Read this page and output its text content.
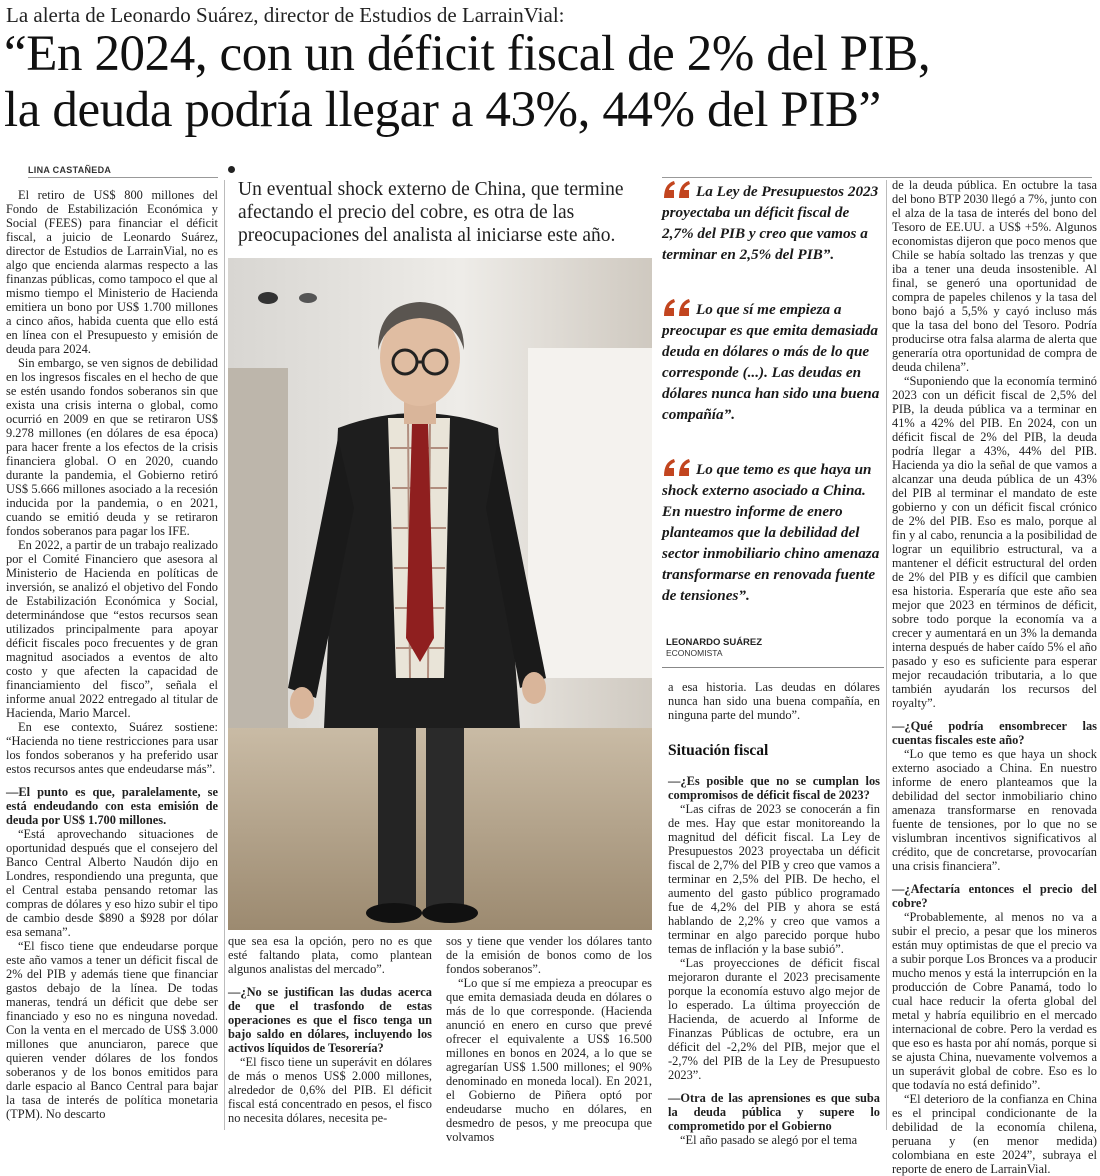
La alerta de Leonardo Suárez, director de Estudios de LarrainVial:
“En 2024, con un déficit fiscal de 2% del PIB,
la deuda podría llegar a 43%, 44% del PIB”
LINA CASTAÑEDA

El retiro de US$ 800 millones del Fondo de Estabilización Económica y Social (FEES) para financiar el déficit fiscal, a juicio de Leonardo Suárez, director de Estudios de LarrainVial, no es algo que encienda alarmas respecto a las finanzas públicas, como tampoco el que al mismo tiempo el Ministerio de Hacienda emitiera un bono por US$ 1.700 millones a cinco años, habida cuenta que ello está en línea con el Presupuesto y emisión de deuda para 2024.

Sin embargo, se ven signos de debilidad en los ingresos fiscales en el hecho de que se estén usando fondos soberanos sin que exista una crisis interna o global, como ocurrió en 2009 en que se retiraron US$ 9.278 millones (en dólares de esa época) para hacer frente a los efectos de la crisis financiera global. O en 2020, cuando durante la pandemia, el Gobierno retiró US$ 5.666 millones asociado a la recesión inducida por la pandemia, o en 2021, cuando se emitió deuda y se retiraron fondos soberanos para pagar los IFE.

En 2022, a partir de un trabajo realizado por el Comité Financiero que asesora al Ministerio de Hacienda en políticas de inversión, se analizó el objetivo del Fondo de Estabilización Económica y Social, determinándose que “estos recursos sean utilizados principalmente para apoyar déficit fiscales poco frecuentes y de gran magnitud asociados a eventos de alto costo y que afecten la capacidad de financiamiento del fisco”, señala el informe anual 2022 entregado al titular de Hacienda, Mario Marcel.

En ese contexto, Suárez sostiene: “Hacienda no tiene restricciones para usar los fondos soberanos y ha preferido usar estos recursos antes que endeudarse más”.

—El punto es que, paralelamente, se está endeudando con esta emisión de deuda por US$ 1.700 millones.

“Está aprovechando situaciones de oportunidad después que el consejero del Banco Central Alberto Naudón dijo en Londres, respondiendo una pregunta, que el Central estaba pensando retomar las compras de dólares y eso hizo subir el tipo de cambio desde $890 a $928 por dólar esa semana”.

“El fisco tiene que endeudarse porque este año vamos a tener un déficit fiscal de 2% del PIB y además tiene que financiar gastos debajo de la línea. De todas maneras, tendrá un déficit que debe ser financiado y eso no es ninguna novedad. Con la venta en el mercado de US$ 3.000 millones que anunciaron, parece que quieren vender dólares de los fondos soberanos y de los bonos emitidos para darle espacio al Banco Central para bajar la tasa de interés de política monetaria (TPM). No descarto

Un eventual shock externo de China, que termine afectando el precio del cobre, es otra de las preocupaciones del analista al iniciarse este año.
La Ley de Presupuestos 2023 proyectaba un déficit fiscal de 2,7% del PIB y creo que vamos a terminar en 2,5% del PIB”.
Lo que sí me empieza a preocupar es que emita demasiada deuda en dólares o más de lo que corresponde (...). Las deudas en dólares nunca han sido una buena compañía”.
Lo que temo es que haya un shock externo asociado a China. En nuestro informe de enero planteamos que la debilidad del sector inmobiliario chino amenaza transformarse en renovada fuente de tensiones”.
LEONARDO SUÁREZ
ECONOMISTA

que sea esa la opción, pero no es que esté faltando plata, como plantean algunos analistas del mercado”.

—¿No se justifican las dudas acerca de que el trasfondo de estas operaciones es que el fisco tenga un bajo saldo en dólares, incluyendo los activos líquidos de Tesorería?

“El fisco tiene un superávit en dólares de más o menos US$ 2.000 millones, alrededor de 0,6% del PIB. El déficit fiscal está concentrado en pesos, el fisco no necesita dólares, necesita pe-

sos y tiene que vender los dólares tanto de la emisión de bonos como de los fondos soberanos”.

“Lo que sí me empieza a preocupar es que emita demasiada deuda en dólares o más de lo que corresponde. (Hacienda anunció en enero en curso que prevé ofrecer el equivalente a US$ 16.500 millones en bonos en 2024, a lo que se agregarían US$ 1.500 millones; el 90% denominado en moneda local). En 2021, el Gobierno de Piñera optó por endeudarse mucho en dólares, en desmedro de pesos, y me preocupa que volvamos

a esa historia. Las deudas en dólares nunca han sido una buena compañía, en ninguna parte del mundo”.

Situación fiscal

—¿Es posible que no se cumplan los compromisos de déficit fiscal de 2023?

“Las cifras de 2023 se conocerán a fin de mes. Hay que estar monitoreando la magnitud del déficit fiscal. La Ley de Presupuestos 2023 proyectaba un déficit fiscal de 2,7% del PIB y creo que vamos a terminar en 2,5% del PIB. De hecho, el aumento del gasto público programado fue de 4,2% del PIB y ahora se está hablando de 2,2% y creo que vamos a terminar en algo parecido porque hubo temas de inflación y la base subió”.

“Las proyecciones de déficit fiscal mejoraron durante el 2023 precisamente porque la economía estuvo algo mejor de lo esperado. La última proyección de Hacienda, de acuerdo al Informe de Finanzas Públicas de octubre, era un déficit del -2,2% del PIB, mejor que el -2,7% del PIB de la Ley de Presupuesto 2023”.

—Otra de las aprensiones es que suba la deuda pública y supere lo comprometido por el Gobierno

“El año pasado se alegó por el tema

de la deuda pública. En octubre la tasa del bono BTP 2030 llegó a 7%, junto con el alza de la tasa de interés del bono del Tesoro de EE.UU. a US$ +5%. Algunos economistas dijeron que poco menos que Chile se había soltado las trenzas y que iba a tener una deuda insostenible. Al final, se generó una oportunidad de compra de papeles chilenos y la tasa del bono bajó a 5,5% y cayó incluso más que la tasa del bono del Tesoro. Podría producirse otra falsa alarma de alerta que generaría otra oportunidad de compra de deuda chilena”.

“Suponiendo que la economía terminó 2023 con un déficit fiscal de 2,5% del PIB, la deuda pública va a terminar en 41% a 42% del PIB. En 2024, con un déficit fiscal de 2% del PIB, la deuda podría llegar a 43%, 44% del PIB. Hacienda ya dio la señal de que vamos a alcanzar una deuda pública de un 43% del PIB al terminar el mandato de este gobierno y con un déficit fiscal crónico de 2% del PIB. Eso es malo, porque al fin y al cabo, renuncia a la posibilidad de lograr un equilibrio estructural, va a mantener el déficit estructural del orden de 2% del PIB y es difícil que cambien esa historia. Esperaría que este año sea mejor que 2023 en términos de déficit, sobre todo porque la economía va a crecer y aumentará en un 3% la demanda interna después de haber caído 5% el año pasado y eso es suficiente para esperar mejor recaudación tributaria, a lo que también ayudarán los recursos del royalty”.

—¿Qué podría ensombrecer las cuentas fiscales este año?

“Lo que temo es que haya un shock externo asociado a China. En nuestro informe de enero planteamos que la debilidad del sector inmobiliario chino amenaza transformarse en renovada fuente de tensiones, por lo que no se vislumbran incentivos significativos al crédito, que de concretarse, provocarían una crisis financiera”.

—¿Afectaría entonces el precio del cobre?

“Probablemente, al menos no va a subir el precio, a pesar que los mineros están muy optimistas de que el precio va a subir porque Los Bronces va a producir mucho menos y está la interrupción en la producción de Cobre Panamá, todo lo cual hace reducir la oferta global del metal y habría equilibrio en el mercado internacional de cobre. Pero la verdad es que eso es hasta por ahí nomás, porque si se ajusta China, nuevamente volvemos a un superávit global de cobre. Eso es lo que todavía no está definido”.

“El deterioro de la confianza en China es el principal condicionante de la debilidad de la economía chilena, peruana y (en menor medida) colombiana en este 2024”, subraya el reporte de enero de LarrainVial.
